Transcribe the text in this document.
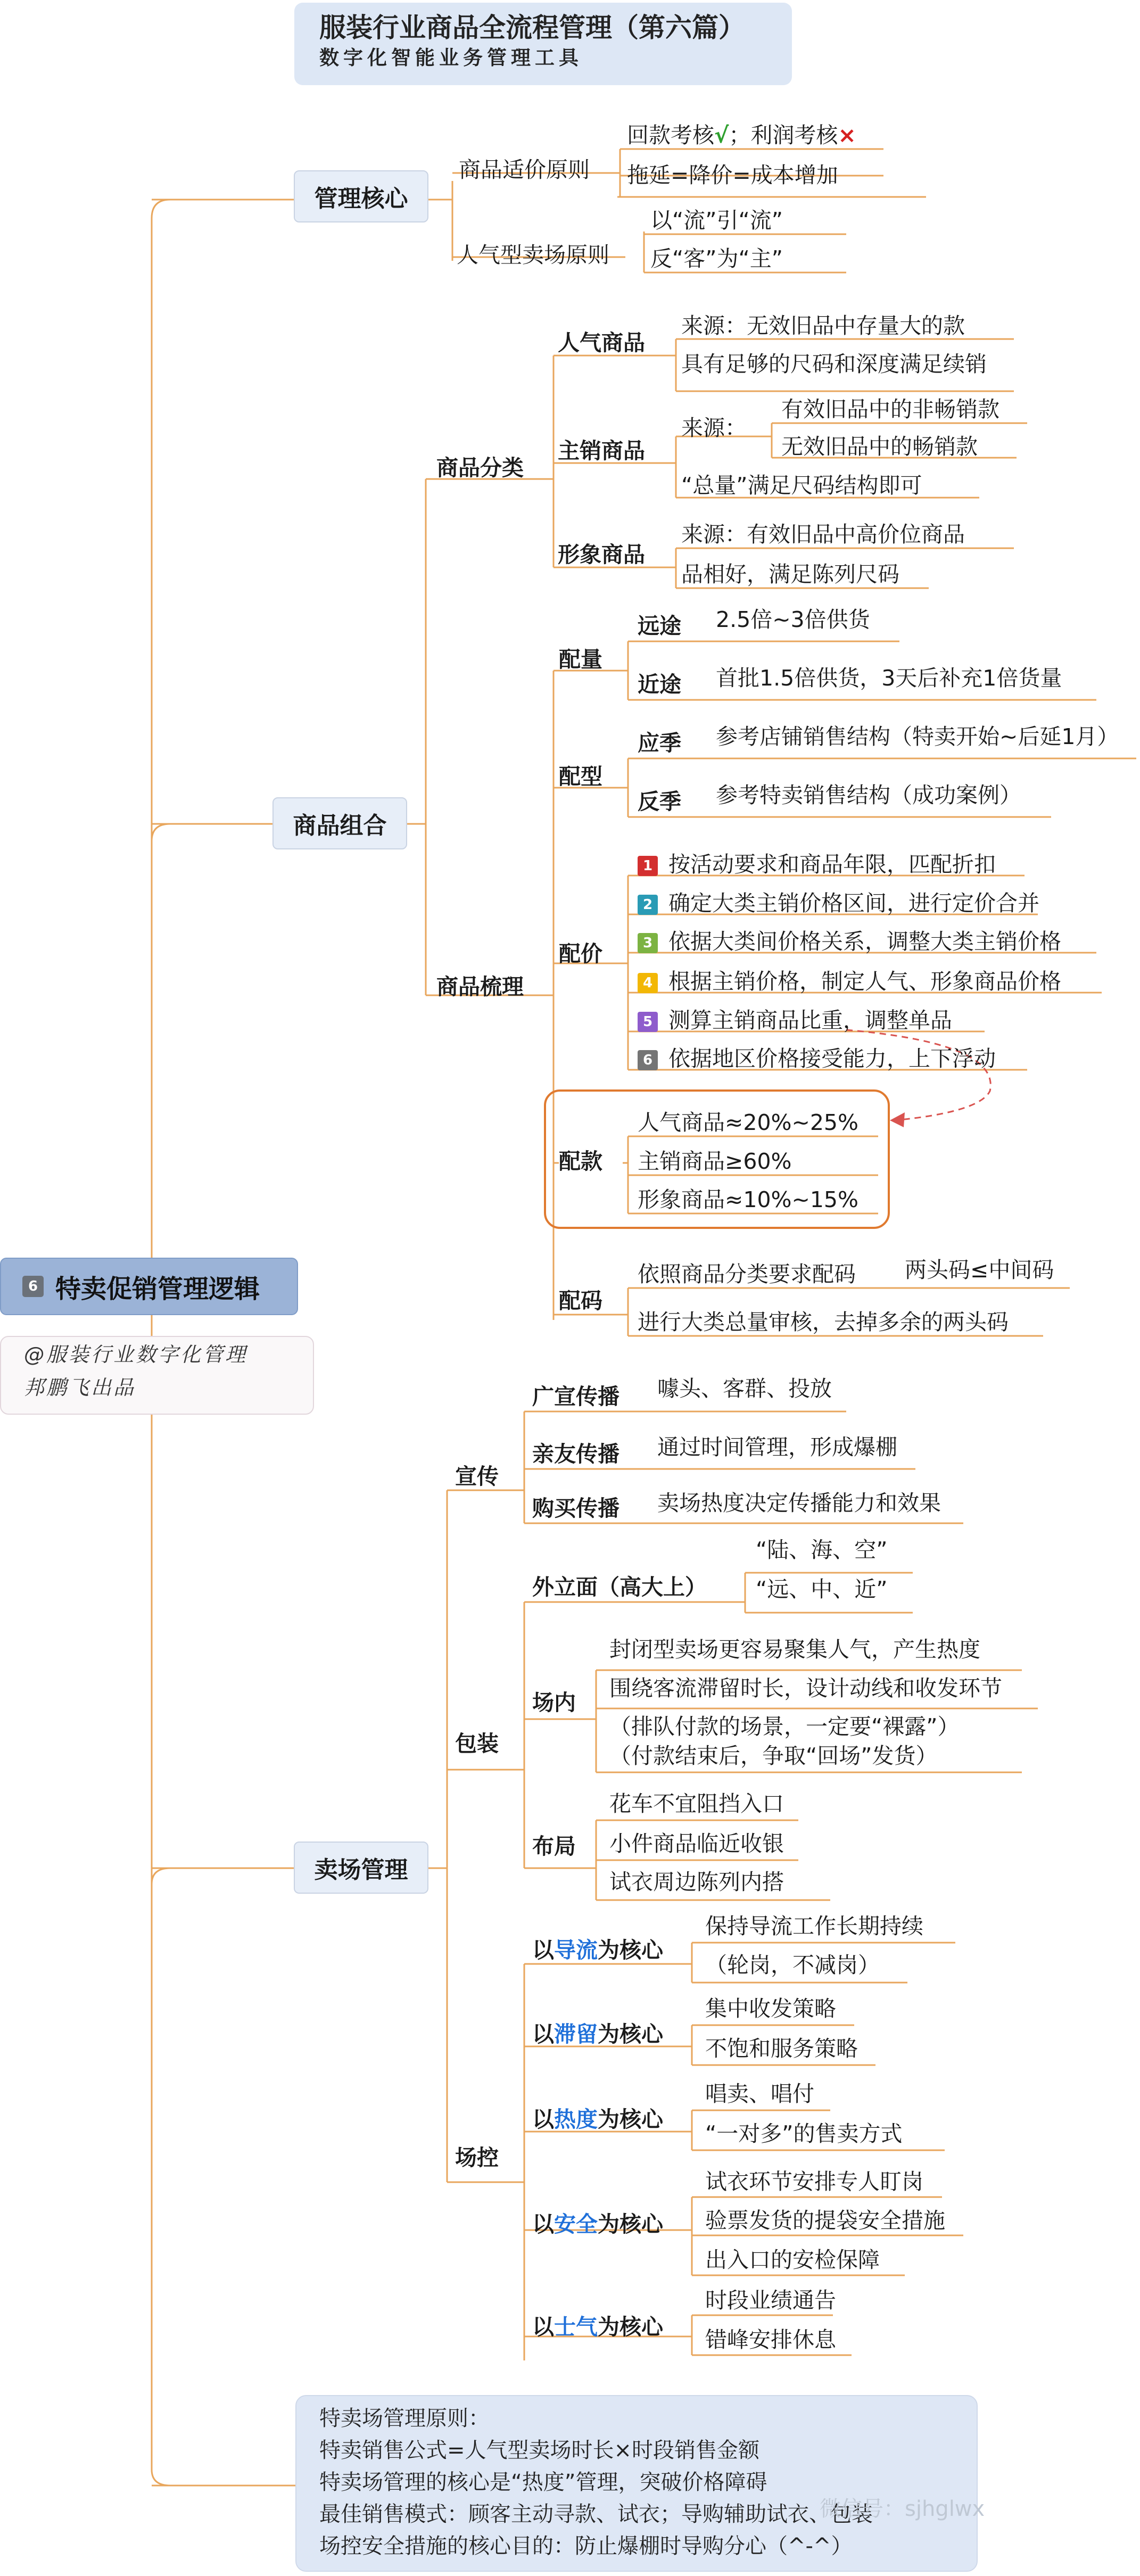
服装行业商品全流程管理（第六篇）
数字化智能业务管理工具
6 特卖促销管理逻辑
@服装行业数字化管理
邦鹏飞出品
管理核心
商品适价原则
回款考核√；利润考核×
拖延=降价=成本增加
人气型卖场原则
以“流”引“流”
反“客”为“主”
商品组合
商品分类
人气商品
来源：无效旧品中存量大的款
具有足够的尺码和深度满足续销
主销商品
来源：
有效旧品中的非畅销款
无效旧品中的畅销款
“总量”满足尺码结构即可
形象商品
来源：有效旧品中高价位商品
品相好，满足陈列尺码
商品梳理
配量
远途 2.5倍~3倍供货
近途 首批1.5倍供货，3天后补充1倍货量
配型
应季 参考店铺销售结构（特卖开始~后延1月）
反季 参考特卖销售结构（成功案例）
配价
1 按活动要求和商品年限，匹配折扣
2 确定大类主销价格区间，进行定价合并
3 依据大类间价格关系，调整大类主销价格
4 根据主销价格，制定人气、形象商品价格
5 测算主销商品比重，调整单品
6 依据地区价格接受能力，上下浮动
配款
人气商品≈20%~25%
主销商品≥60%
形象商品≈10%~15%
配码
依照商品分类要求配码 两头码≤中间码
进行大类总量审核，去掉多余的两头码
卖场管理
宣传
广宣传播 噱头、客群、投放
亲友传播 通过时间管理，形成爆棚
购买传播 卖场热度决定传播能力和效果
包装
外立面（高大上）
“陆、海、空”
“远、中、近”
场内
封闭型卖场更容易聚集人气，产生热度
围绕客流滞留时长，设计动线和收发环节
（排队付款的场景，一定要“裸露”）
（付款结束后，争取“回场”发货）
布局
花车不宜阻挡入口
小件商品临近收银
试衣周边陈列内搭
场控
以导流为核心
保持导流工作长期持续
（轮岗，不减岗）
以滞留为核心
集中收发策略
不饱和服务策略
以热度为核心
唱卖、唱付
“一对多”的售卖方式
以安全为核心
试衣环节安排专人盯岗
验票发货的提袋安全措施
出入口的安检保障
以士气为核心
时段业绩通告
错峰安排休息
特卖场管理原则：
特卖销售公式=人气型卖场时长×时段销售金额
特卖场管理的核心是“热度”管理，突破价格障碍
最佳销售模式：顾客主动寻款、试衣；导购辅助试衣、包装
场控安全措施的核心目的：防止爆棚时导购分心（^-^）
微信号：sjhglwx
